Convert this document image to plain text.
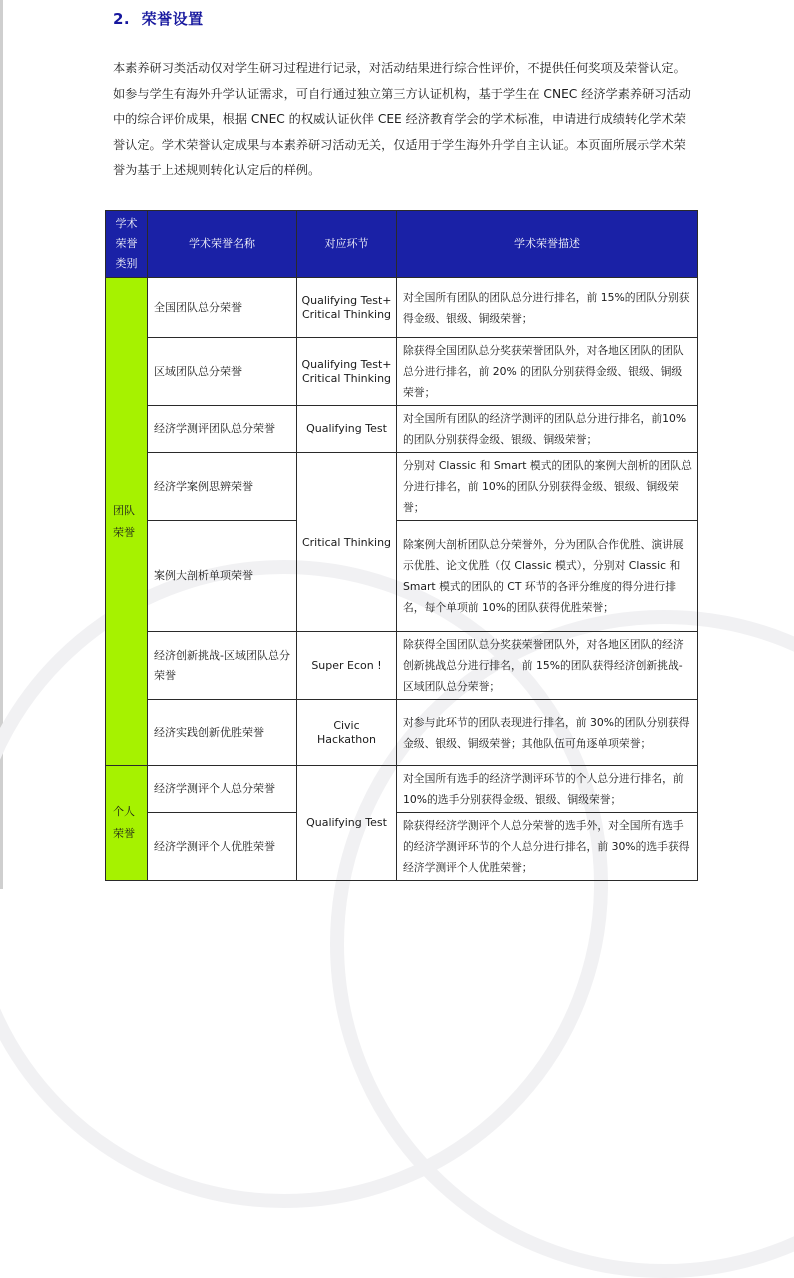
2. 荣誉设置
本素养研习类活动仅对学生研习过程进行记录，对活动结果进行综合性评价，不提供任何奖项及荣誉认定。如参与学生有海外升学认证需求，可自行通过独立第三方认证机构，基于学生在 CNEC 经济学素养研习活动中的综合评价成果，根据 CNEC 的权威认证伙伴 CEE 经济教育学会的学术标准，申请进行成绩转化学术荣誉认定。学术荣誉认定成果与本素养研习活动无关，仅适用于学生海外升学自主认证。本页面所展示学术荣誉为基于上述规则转化认定后的样例。
学术荣誉类别	学术荣誉名称	对应环节	学术荣誉描述

团队荣誉	全国团队总分荣誉	Qualifying Test+ Critical Thinking	对全国所有团队的团队总分进行排名，前 15%的团队分别获得金级、银级、铜级荣誉；
	区域团队总分荣誉	Qualifying Test+ Critical Thinking	除获得全国团队总分奖获荣誉团队外，对各地区团队的团队总分进行排名，前 20% 的团队分别获得金级、银级、铜级荣誉；
	经济学测评团队总分荣誉	Qualifying Test	对全国所有团队的经济学测评的团队总分进行排名，前10%的团队分别获得金级、银级、铜级荣誉；
	经济学案例思辨荣誉	Critical Thinking	分别对 Classic 和 Smart 模式的团队的案例大剖析的团队总分进行排名，前 10%的团队分别获得金级、银级、铜级荣誉；
	案例大剖析单项荣誉		除案例大剖析团队总分荣誉外，分为团队合作优胜、演讲展示优胜、论文优胜（仅 Classic 模式），分别对 Classic 和 Smart 模式的团队的 CT 环节的各评分维度的得分进行排名，每个单项前 10%的团队获得优胜荣誉；
	经济创新挑战-区域团队总分荣誉	Super Econ !	除获得全国团队总分奖获荣誉团队外，对各地区团队的经济创新挑战总分进行排名，前 15%的团队获得经济创新挑战-区域团队总分荣誉；
	经济实践创新优胜荣誉	Civic Hackathon	对参与此环节的团队表现进行排名，前 30%的团队分别获得金级、银级、铜级荣誉；其他队伍可角逐单项荣誉；

个人荣誉	经济学测评个人总分荣誉	Qualifying Test	对全国所有选手的经济学测评环节的个人总分进行排名，前 10%的选手分别获得金级、银级、铜级荣誉；
	经济学测评个人优胜荣誉		除获得经济学测评个人总分荣誉的选手外，对全国所有选手的经济学测评环节的个人总分进行排名，前 30%的选手获得经济学测评个人优胜荣誉；
